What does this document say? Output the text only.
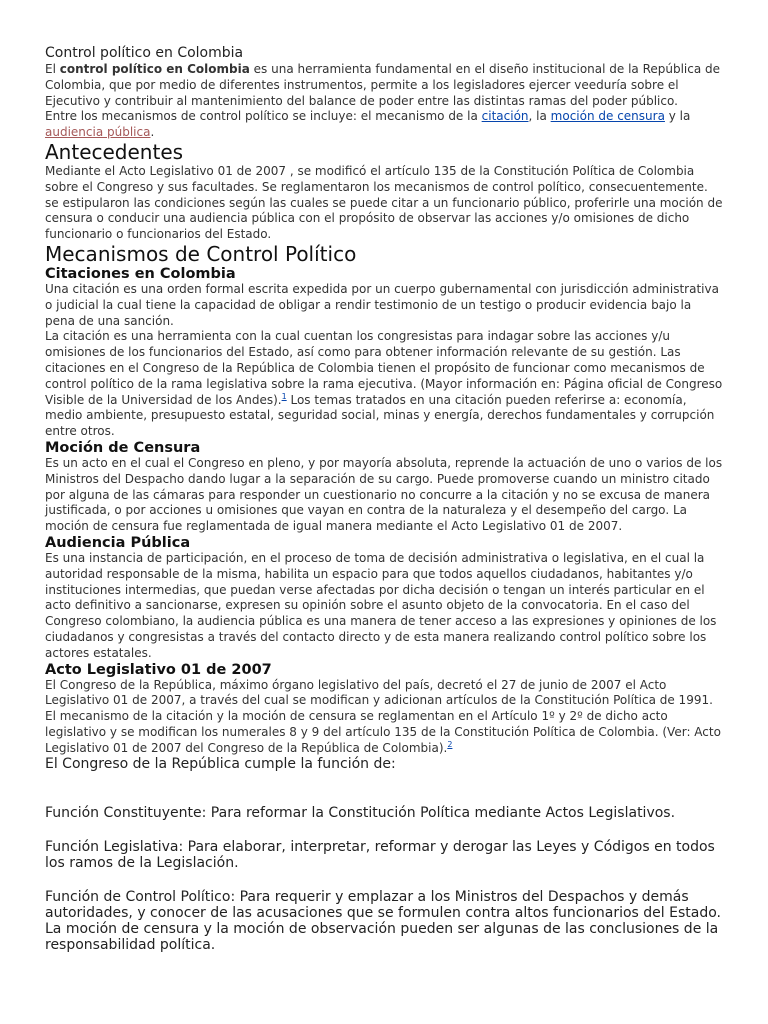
Control político en Colombia

El control político en Colombia es una herramienta fundamental en el diseño institucional de la República de Colombia, que por medio de diferentes instrumentos, permite a los legisladores ejercer veeduría sobre el Ejecutivo y contribuir al mantenimiento del balance de poder entre las distintas ramas del poder público.

Entre los mecanismos de control político se incluye: el mecanismo de la citación, la moción de censura y la audiencia pública.

Antecedentes

Mediante el Acto Legislativo 01 de 2007 , se modificó el artículo 135 de la Constitución Política de Colombia sobre el Congreso y sus facultades. Se reglamentaron los mecanismos de control político, consecuentemente. se estipularon las condiciones según las cuales se puede citar a un funcionario público, proferirle una moción de censura o conducir una audiencia pública con el propósito de observar las acciones y/o omisiones de dicho funcionario o funcionarios del Estado.

Mecanismos de Control Político
Citaciones en Colombia

Una citación es una orden formal escrita expedida por un cuerpo gubernamental con jurisdicción administrativa o judicial la cual tiene la capacidad de obligar a rendir testimonio de un testigo o producir evidencia bajo la pena de una sanción.

La citación es una herramienta con la cual cuentan los congresistas para indagar sobre las acciones y/u omisiones de los funcionarios del Estado, así como para obtener información relevante de su gestión. Las citaciones en el Congreso de la República de Colombia tienen el propósito de funcionar como mecanismos de control político de la rama legislativa sobre la rama ejecutiva. (Mayor información en: Página oficial de Congreso Visible de la Universidad de los Andes).$^1$ Los temas tratados en una citación pueden referirse a: economía, medio ambiente, presupuesto estatal, seguridad social, minas y energía, derechos fundamentales y corrupción entre otros.

Moción de Censura

Es un acto en el cual el Congreso en pleno, y por mayoría absoluta, reprende la actuación de uno o varios de los Ministros del Despacho dando lugar a la separación de su cargo. Puede promoverse cuando un ministro citado por alguna de las cámaras para responder un cuestionario no concurre a la citación y no se excusa de manera justificada, o por acciones u omisiones que vayan en contra de la naturaleza y el desempeño del cargo. La moción de censura fue reglamentada de igual manera mediante el Acto Legislativo 01 de 2007.

Audiencia Pública

Es una instancia de participación, en el proceso de toma de decisión administrativa o legislativa, en el cual la autoridad responsable de la misma, habilita un espacio para que todos aquellos ciudadanos, habitantes y/o instituciones intermedias, que puedan verse afectadas por dicha decisión o tengan un interés particular en el acto definitivo a sancionarse, expresen su opinión sobre el asunto objeto de la convocatoria. En el caso del Congreso colombiano, la audiencia pública es una manera de tener acceso a las expresiones y opiniones de los ciudadanos y congresistas a través del contacto directo y de esta manera realizando control político sobre los actores estatales.

Acto Legislativo 01 de 2007

El Congreso de la República, máximo órgano legislativo del país, decretó el 27 de junio de 2007 el Acto Legislativo 01 de 2007, a través del cual se modifican y adicionan artículos de la Constitución Política de 1991. El mecanismo de la citación y la moción de censura se reglamentan en el Artículo 1º y 2º de dicho acto legislativo y se modifican los numerales 8 y 9 del artículo 135 de la Constitución Política de Colombia. (Ver: Acto Legislativo 01 de 2007 del Congreso de la República de Colombia).$^2$

El Congreso de la República cumple la función de:

Función Constituyente: Para reformar la Constitución Política mediante Actos Legislativos.

Función Legislativa: Para elaborar, interpretar, reformar y derogar las Leyes y Códigos en todos los ramos de la Legislación.

Función de Control Político: Para requerir y emplazar a los Ministros del Despachos y demás autoridades, y conocer de las acusaciones que se formulen contra altos funcionarios del Estado. La moción de censura y la moción de observación pueden ser algunas de las conclusiones de la responsabilidad política.
